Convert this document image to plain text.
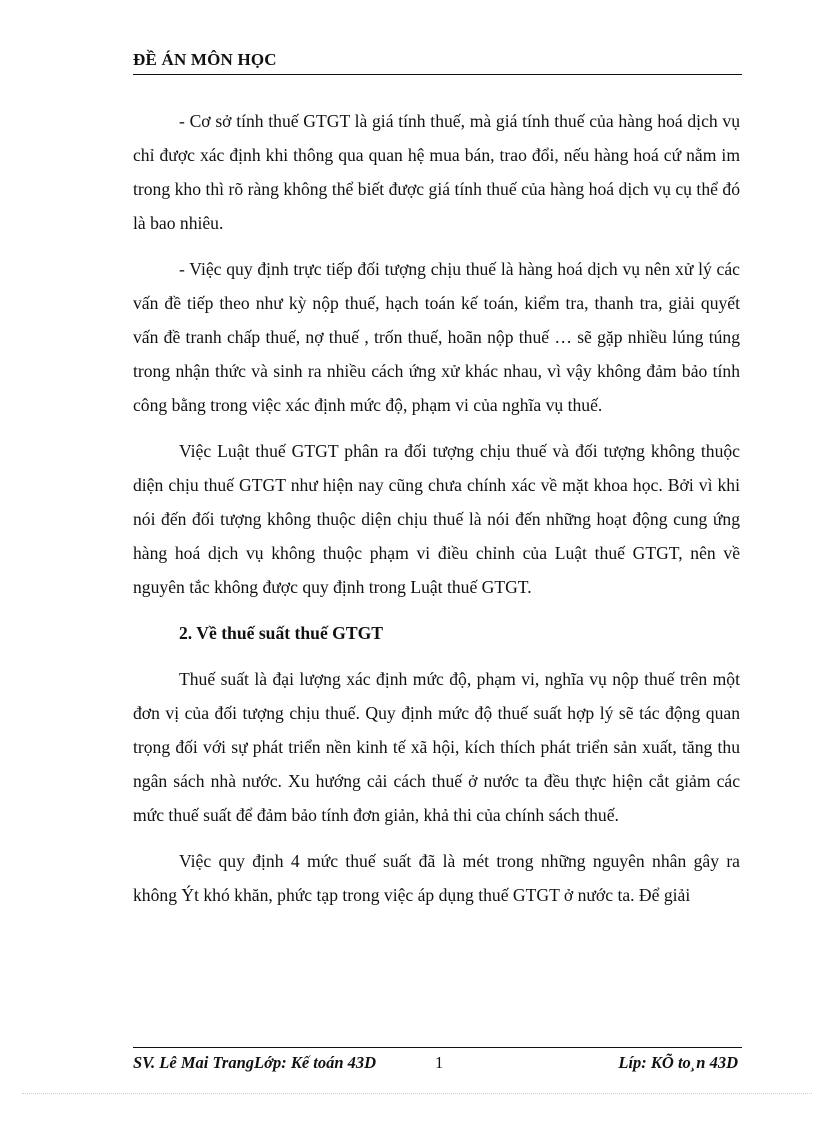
ĐỀ ÁN MÔN HỌC

- Cơ sở tính thuế GTGT là giá tính thuế, mà giá tính thuế của hàng hoá dịch vụ chỉ được xác định khi thông qua quan hệ mua bán, trao đổi, nếu hàng hoá cứ nằm im trong kho thì rõ ràng không thể biết được giá tính thuế của hàng hoá dịch vụ cụ thể đó là bao nhiêu.

- Việc quy định trực tiếp đối tượng chịu thuế là hàng hoá dịch vụ nên xử lý các vấn đề tiếp theo như kỳ nộp thuế, hạch toán kế toán, kiểm tra, thanh tra, giải quyết vấn đề tranh chấp thuế, nợ thuế , trốn thuế, hoãn nộp thuế … sẽ gặp nhiều lúng túng trong nhận thức và sinh ra nhiều cách ứng xử khác nhau, vì vậy không đảm bảo tính công bằng trong việc xác định mức độ, phạm vi của nghĩa vụ thuế.

Việc Luật thuế GTGT phân ra đối tượng chịu thuế và đối tượng không thuộc diện chịu thuế GTGT như hiện nay cũng chưa chính xác về mặt khoa học. Bởi vì khi nói đến đối tượng không thuộc diện chịu thuế là nói đến những hoạt động cung ứng hàng hoá dịch vụ không thuộc phạm vi điều chỉnh của Luật thuế GTGT, nên về nguyên tắc không được quy định trong Luật thuế GTGT.

2. Về thuế suất thuế GTGT

Thuế suất là đại lượng xác định mức độ, phạm vi, nghĩa vụ nộp thuế trên một đơn vị của đối tượng chịu thuế. Quy định mức độ thuế suất hợp lý sẽ tác động quan trọng đối với sự phát triển nền kinh tế xã hội, kích thích phát triển sản xuất, tăng thu ngân sách nhà nước. Xu hướng cải cách thuế ở nước ta đều thực hiện cắt giảm các mức thuế suất để đảm bảo tính đơn giản, khả thi của chính sách thuế.

Việc quy định 4 mức thuế suất đã là mét trong những nguyên nhân gây ra không Ýt khó khăn, phức tạp trong việc áp dụng thuế GTGT ở nước ta. Để giải

SV. Lê Mai TrangLớp: Kế toán 43D	1	Líp: KÕ to¸n 43D
